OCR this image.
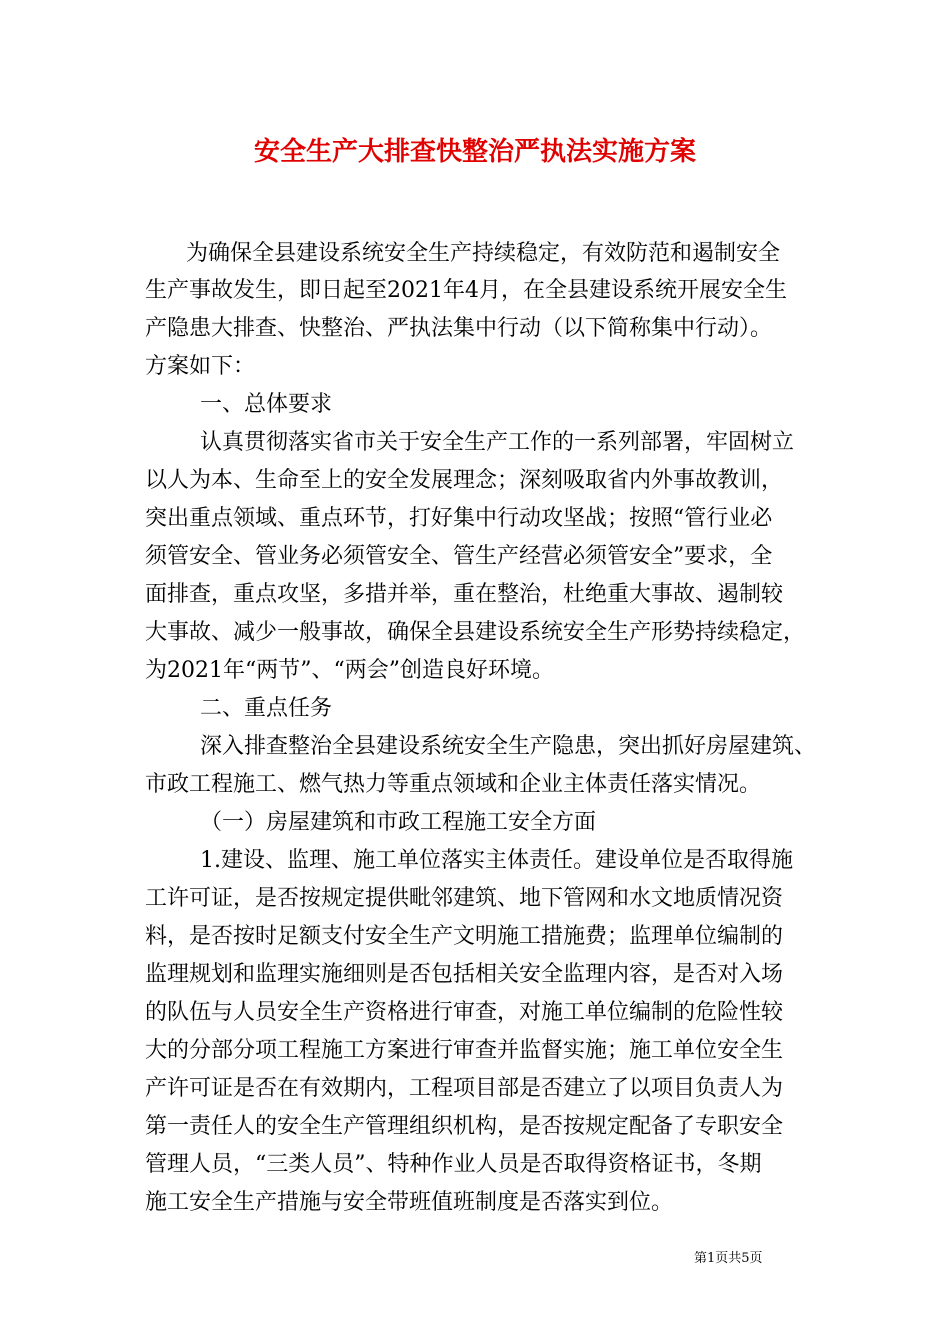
安全生产大排查快整治严执法实施方案
为确保全县建设系统安全生产持续稳定，有效防范和遏制安全
生产事故发生，即日起至2021年4月，在全县建设系统开展安全生
产隐患大排查、快整治、严执法集中行动（以下简称集中行动）。
方案如下：
一、总体要求
认真贯彻落实省市关于安全生产工作的一系列部署，牢固树立
以人为本、生命至上的安全发展理念；深刻吸取省内外事故教训，
突出重点领域、重点环节，打好集中行动攻坚战；按照“管行业必
须管安全、管业务必须管安全、管生产经营必须管安全”要求，全
面排查，重点攻坚，多措并举，重在整治，杜绝重大事故、遏制较
大事故、减少一般事故，确保全县建设系统安全生产形势持续稳定，
为2021年“两节”、“两会”创造良好环境。
二、重点任务
深入排查整治全县建设系统安全生产隐患，突出抓好房屋建筑、
市政工程施工、燃气热力等重点领域和企业主体责任落实情况。
（一）房屋建筑和市政工程施工安全方面
1.建设、监理、施工单位落实主体责任。建设单位是否取得施
工许可证，是否按规定提供毗邻建筑、地下管网和水文地质情况资
料，是否按时足额支付安全生产文明施工措施费；监理单位编制的
监理规划和监理实施细则是否包括相关安全监理内容，是否对入场
的队伍与人员安全生产资格进行审查，对施工单位编制的危险性较
大的分部分项工程施工方案进行审查并监督实施；施工单位安全生
产许可证是否在有效期内，工程项目部是否建立了以项目负责人为
第一责任人的安全生产管理组织机构，是否按规定配备了专职安全
管理人员，“三类人员”、特种作业人员是否取得资格证书，冬期
施工安全生产措施与安全带班值班制度是否落实到位。
第1页共5页
